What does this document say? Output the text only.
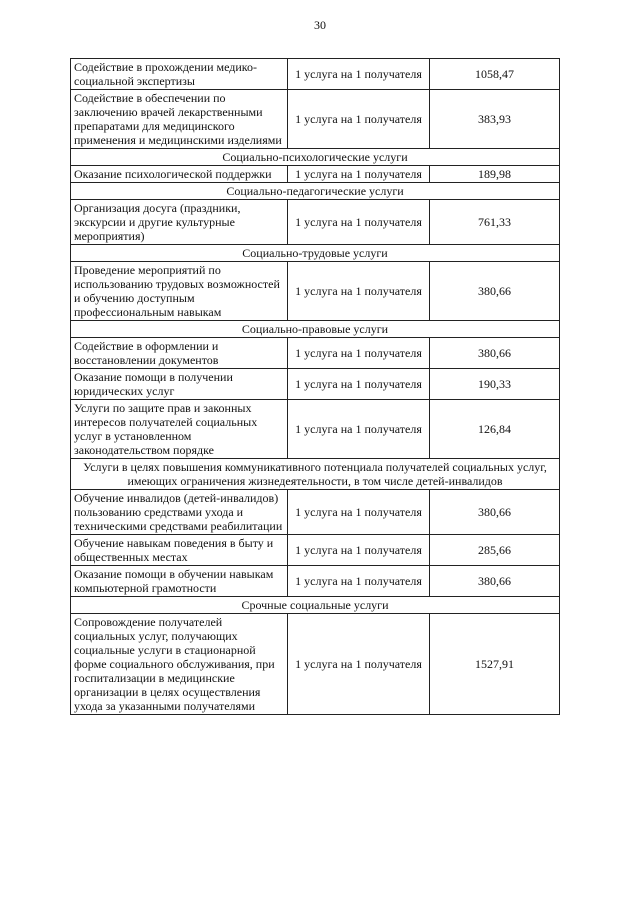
30
Содействие в прохождении медико-социальной экспертизы	1 услуга на 1 получателя	1058,47
Содействие в обеспечении по заключению врачей лекарственными препаратами для медицинского применения и медицинскими изделиями	1 услуга на 1 получателя	383,93
Социально-психологические услуги		
Оказание психологической поддержки	1 услуга на 1 получателя	189,98
Социально-педагогические услуги		
Организация досуга (праздники, экскурсии и другие культурные мероприятия)	1 услуга на 1 получателя	761,33
Социально-трудовые услуги		
Проведение мероприятий по использованию трудовых возможностей и обучению доступным профессиональным навыкам	1 услуга на 1 получателя	380,66
Социально-правовые услуги		
Содействие в оформлении и восстановлении документов	1 услуга на 1 получателя	380,66
Оказание помощи в получении юридических услуг	1 услуга на 1 получателя	190,33
Услуги по защите прав и законных интересов получателей социальных услуг в установленном законодательством порядке	1 услуга на 1 получателя	126,84
Услуги в целях повышения коммуникативного потенциала получателей социальных услуг, имеющих ограничения жизнедеятельности, в том числе детей-инвалидов		
Обучение инвалидов (детей-инвалидов) пользованию средствами ухода и техническими средствами реабилитации	1 услуга на 1 получателя	380,66
Обучение навыкам поведения в быту и общественных местах	1 услуга на 1 получателя	285,66
Оказание помощи в обучении навыкам компьютерной грамотности	1 услуга на 1 получателя	380,66
Срочные социальные услуги		
Сопровождение получателей социальных услуг, получающих социальные услуги в стационарной форме социального обслуживания, при госпитализации в медицинские организации в целях осуществления ухода за указанными получателями	1 услуга на 1 получателя	1527,91
